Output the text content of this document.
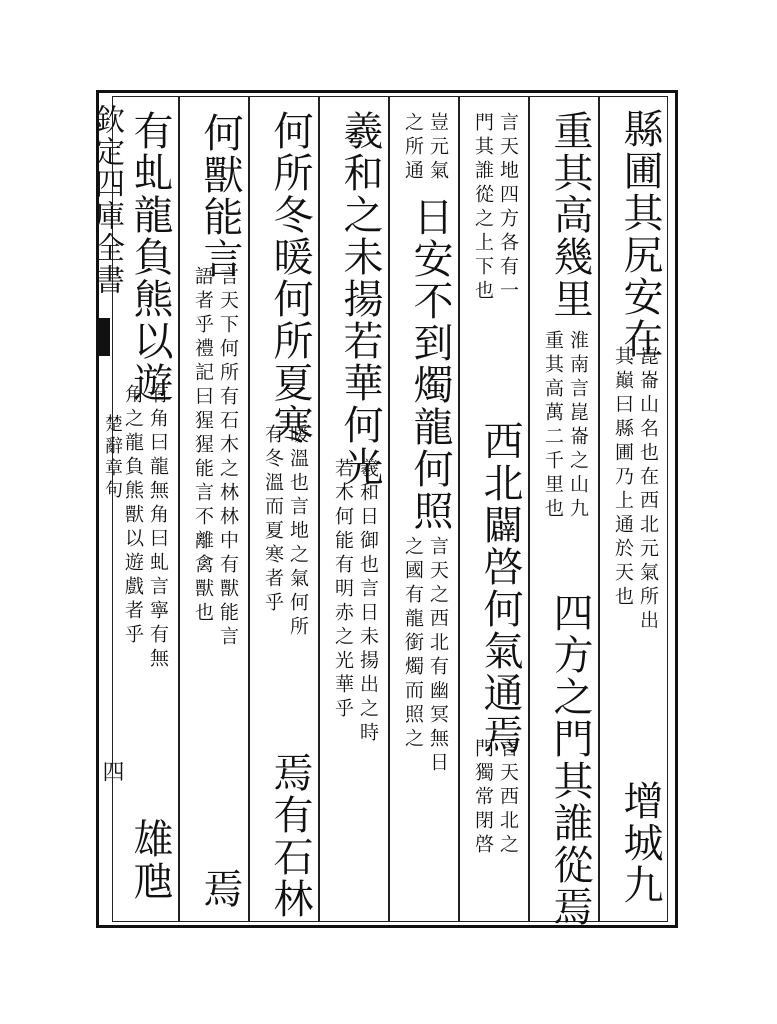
欽定四庫全書
楚辭章句
四
縣圃其尻安在
崑崙山名也在西北元氣所出
其巔曰縣圃乃上通於天也
增城九
重其高幾里
淮南言崑崙之山九
重其高萬二千里也
四方之門其誰從焉
言天地四方各有一
門其誰從之上下也
西北闢啓何氣通焉
言天西北之
門獨常閉啓
豈元氣
之所通
日安不到燭龍何照
言天之西北有幽冥無日
之國有龍銜燭而照之
羲和之未揚若華何光
羲和日御也言日未揚出之時
若木何能有明赤之光華乎
何所冬暖何所夏寒
暖溫也言地之氣何所
有冬溫而夏寒者乎
焉有石林
何獸能言
言天下何所有石木之林林中有獸能言
語者乎禮記曰猩猩能言不離禽獸也
焉
有虬龍負熊以遊
有角曰龍無角曰虬言寧有無
角之龍負熊獸以遊戲者乎
雄虺
